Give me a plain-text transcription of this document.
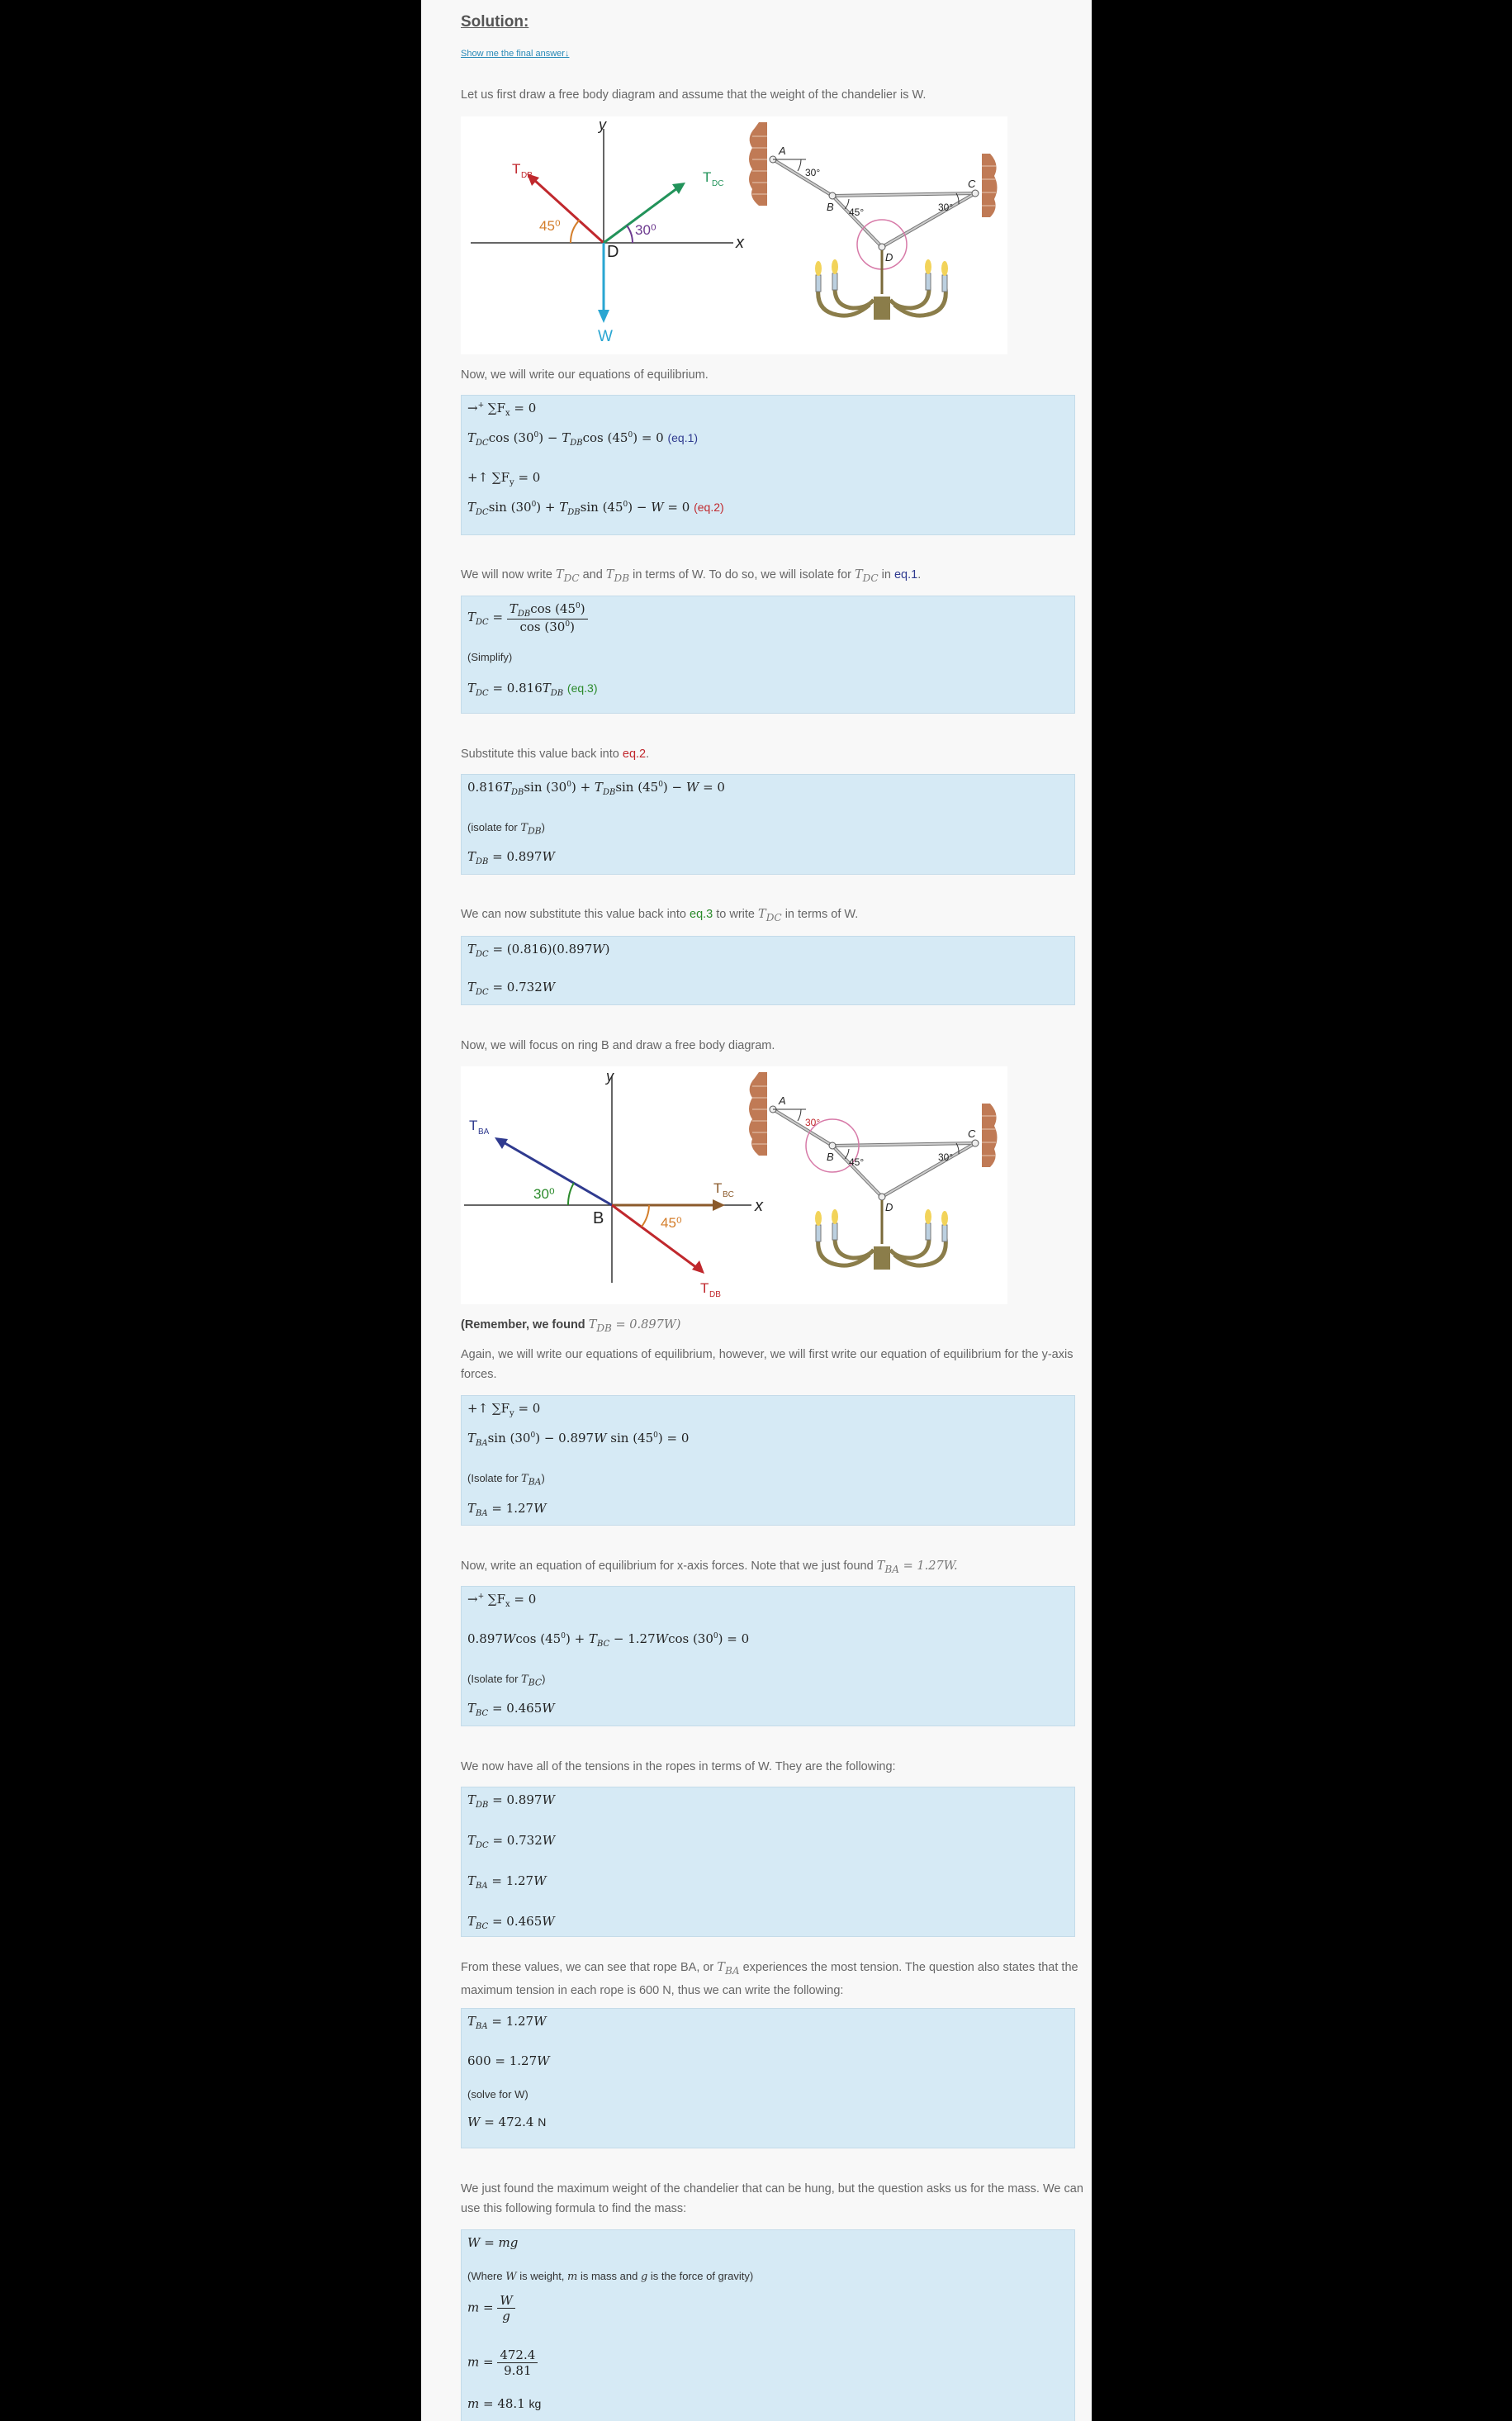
Solution:
Show me the final answer↓
Let us first draw a free body diagram and assume that the weight of the chandelier is W.
x
y
T DB	T DC
W
D
45⁰	30⁰
A
B
C
D
30°
45°	30°
Now, we will write our equations of equilibrium.
→+ $\sum F_x = 0$
$T_{DC}\cos$ $(30^0) - T_{DB}\cos$ $(45^0) = 0$ (eq.1)
+↑ $\sum F_y = 0$
$T_{DC}\sin$ $(30^0) + T_{DB}\sin$ $(45^0) - W = 0$ (eq.2)
We will now write $T_{DC}$ and $T_{DB}$ in terms of W. To do so, we will isolate for $T_{DC}$ in eq.1.
$T_{DC} = \frac{T_{DB}\cos (45^0)}{\cos (30^0)}$
(Simplify)
$T_{DC} = 0.816T_{DB}$ (eq.3)
Substitute this value back into eq.2.
$0.816T_{DB}\sin$ $(30^0) + T_{DB}\sin$ $(45^0) - W = 0$
(isolate for $T_{DB}$)
$T_{DB} = 0.897W$
We can now substitute this value back into eq.3 to write $T_{DC}$ in terms of W.
$T_{DC} = (0.816)(0.897W)$
$T_{DC} = 0.732W$
Now, we will focus on ring B and draw a free body diagram.
x
y
T BA
T BC
T DB
B
30⁰
45⁰
A
B
C
D
30°
45°	30°
(Remember, we found $T_{DB} = 0.897W$)
Again, we will write our equations of equilibrium, however, we will first write our equation of equilibrium for the y-axis forces.
+↑ $\sum F_y = 0$
$T_{BA}\sin$ $(30^0) - 0.897W$ $\sin (45^0) = 0$
(Isolate for $T_{BA}$)
$T_{BA} = 1.27W$
Now, write an equation of equilibrium for x-axis forces. Note that we just found $T_{BA} = 1.27W$.
→+ $\sum F_x = 0$
0.897Wcos $(45^0) + T_{BC} - 1.27Wcos$ $(30^0) = 0$
(Isolate for $T_{BC}$)
$T_{BC} = 0.465W$
We now have all of the tensions in the ropes in terms of W. They are the following:
$T_{DB} = 0.897W$
$T_{DC} = 0.732W$
$T_{BA} = 1.27W$
$T_{BC} = 0.465W$
From these values, we can see that rope BA, or $T_{BA}$ experiences the most tension. The question also states that the maximum tension in each rope is 600 N, thus we can write the following:
$T_{BA} = 1.27W$
600 = 1.27W
(solve for W)
W = 472.4 N
We just found the maximum weight of the chandelier that can be hung, but the question asks us for the mass. We can use this following formula to find the mass:
W = mg
(Where W is weight, m is mass and g is the force of gravity)
$m = \frac{W}{g}$
$m = \frac{472.4}{9.81}$
m = 48.1 kg
